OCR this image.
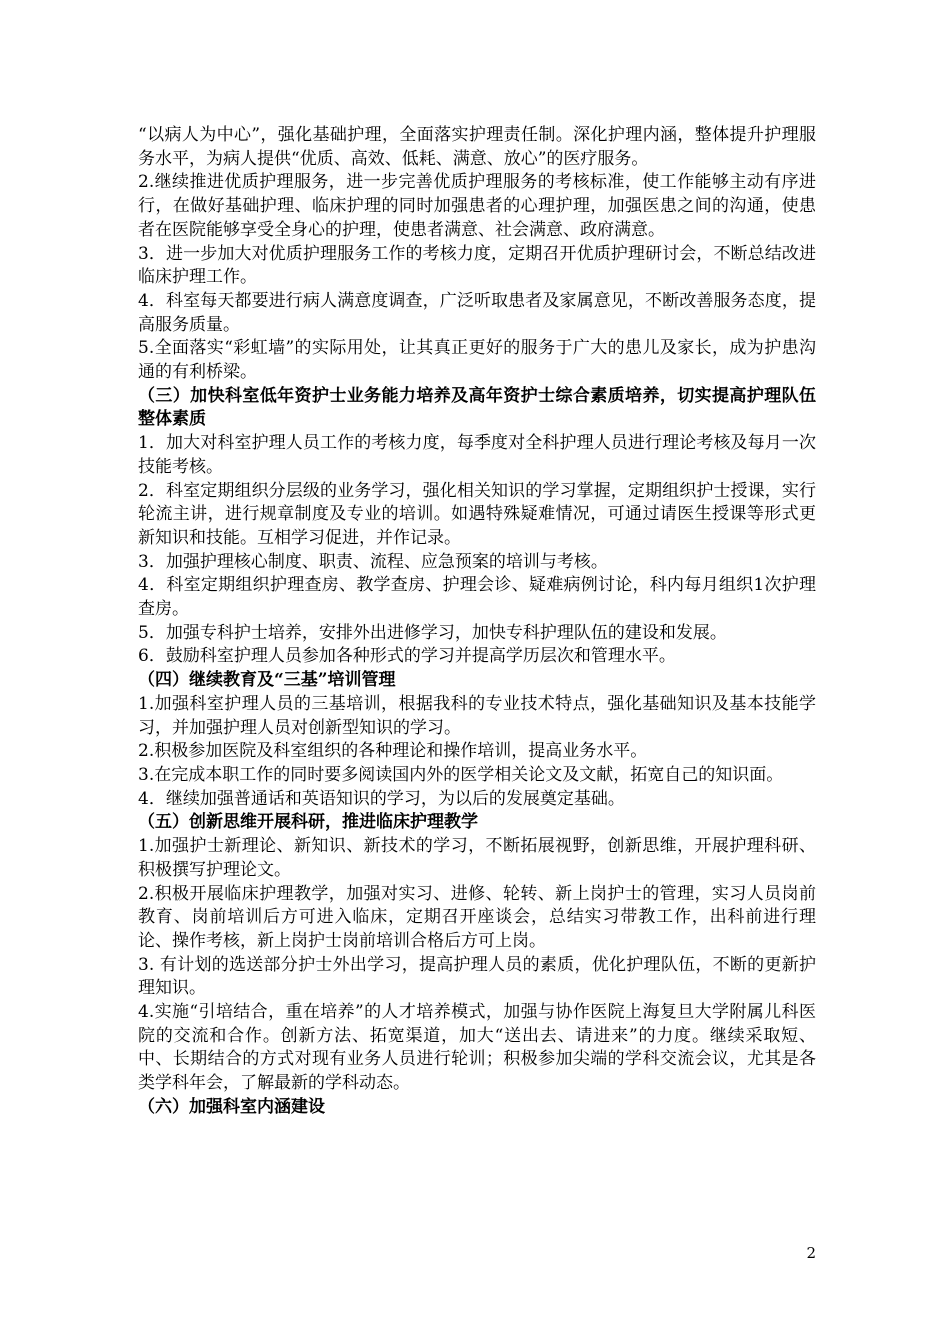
“以病人为中心”，强化基础护理，全面落实护理责任制。深化护理内涵，整体提升护理服务水平，为病人提供“优质、高效、低耗、满意、放心”的医疗服务。

2.继续推进优质护理服务，进一步完善优质护理服务的考核标准，使工作能够主动有序进行，在做好基础护理、临床护理的同时加强患者的心理护理，加强医患之间的沟通，使患者在医院能够享受全身心的护理，使患者满意、社会满意、政府满意。

3．进一步加大对优质护理服务工作的考核力度，定期召开优质护理研讨会，不断总结改进临床护理工作。

4．科室每天都要进行病人满意度调查，广泛听取患者及家属意见，不断改善服务态度，提高服务质量。

5.全面落实“彩虹墙”的实际用处，让其真正更好的服务于广大的患儿及家长，成为护患沟通的有利桥梁。

（三）加快科室低年资护士业务能力培养及高年资护士综合素质培养，切实提高护理队伍整体素质

1．加大对科室护理人员工作的考核力度，每季度对全科护理人员进行理论考核及每月一次技能考核。

2．科室定期组织分层级的业务学习，强化相关知识的学习掌握，定期组织护士授课，实行轮流主讲，进行规章制度及专业的培训。如遇特殊疑难情况，可通过请医生授课等形式更新知识和技能。互相学习促进，并作记录。

3．加强护理核心制度、职责、流程、应急预案的培训与考核。

4．科室定期组织护理查房、教学查房、护理会诊、疑难病例讨论，科内每月组织1次护理查房。

5．加强专科护士培养，安排外出进修学习，加快专科护理队伍的建设和发展。

6．鼓励科室护理人员参加各种形式的学习并提高学历层次和管理水平。

（四）继续教育及“三基”培训管理

1.加强科室护理人员的三基培训，根据我科的专业技术特点，强化基础知识及基本技能学习，并加强护理人员对创新型知识的学习。

2.积极参加医院及科室组织的各种理论和操作培训，提高业务水平。

3.在完成本职工作的同时要多阅读国内外的医学相关论文及文献，拓宽自己的知识面。

4．继续加强普通话和英语知识的学习，为以后的发展奠定基础。

（五）创新思维开展科研，推进临床护理教学

1.加强护士新理论、新知识、新技术的学习，不断拓展视野，创新思维，开展护理科研、积极撰写护理论文。

2.积极开展临床护理教学，加强对实习、进修、轮转、新上岗护士的管理，实习人员岗前教育、岗前培训后方可进入临床，定期召开座谈会，总结实习带教工作，出科前进行理论、操作考核，新上岗护士岗前培训合格后方可上岗。

3. 有计划的选送部分护士外出学习，提高护理人员的素质，优化护理队伍，不断的更新护理知识。

4.实施“引培结合，重在培养”的人才培养模式，加强与协作医院上海复旦大学附属儿科医院的交流和合作。创新方法、拓宽渠道，加大“送出去、请进来”的力度。继续采取短、中、长期结合的方式对现有业务人员进行轮训；积极参加尖端的学科交流会议，尤其是各类学科年会，了解最新的学科动态。

（六）加强科室内涵建设

2
